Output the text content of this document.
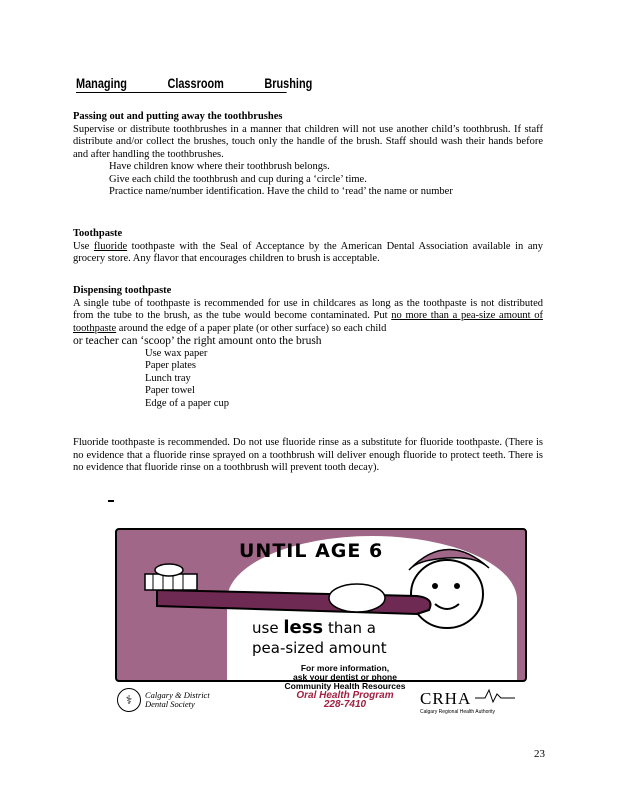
Managing	Classroom	Brushing
Passing out and putting away the toothbrushes

Supervise or distribute toothbrushes in a manner that children will not use another child’s toothbrush. If staff distribute and/or collect the brushes, touch only the handle of the brush. Staff should wash their hands before and after handling the toothbrushes.

Have children know where their toothbrush belongs.
Give each child the toothbrush and cup during a ‘circle’ time.
Practice name/number identification. Have the child to ‘read’ the name or number
Toothpaste

Use fluoride toothpaste with the Seal of Acceptance by the American Dental Association available in any grocery store. Any flavor that encourages children to brush is acceptable.

Dispensing toothpaste

A single tube of toothpaste is recommended for use in childcares as long as the toothpaste is not distributed from the tube to the brush, as the tube would become contaminated. Put no more than a pea-size amount of toothpaste around the edge of a paper plate (or other surface) so each child

or teacher can ‘scoop’ the right amount onto the brush
Use wax paper
Paper plates
Lunch tray
Paper towel
Edge of a paper cup

Fluoride toothpaste is recommended. Do not use fluoride rinse as a substitute for fluoride toothpaste. (There is no evidence that a fluoride rinse sprayed on a toothbrush will deliver enough fluoride to protect teeth. There is no evidence that fluoride rinse on a toothbrush will prevent tooth decay).

UNTIL AGE 6
use less than a
pea-sized amount
For more information,
ask your dentist or phone
Community Health Resources
Oral Health Program
228-7410
⚕	Calgary & District
Dental Society	CRHA
Calgary Regional Health Authority
23
